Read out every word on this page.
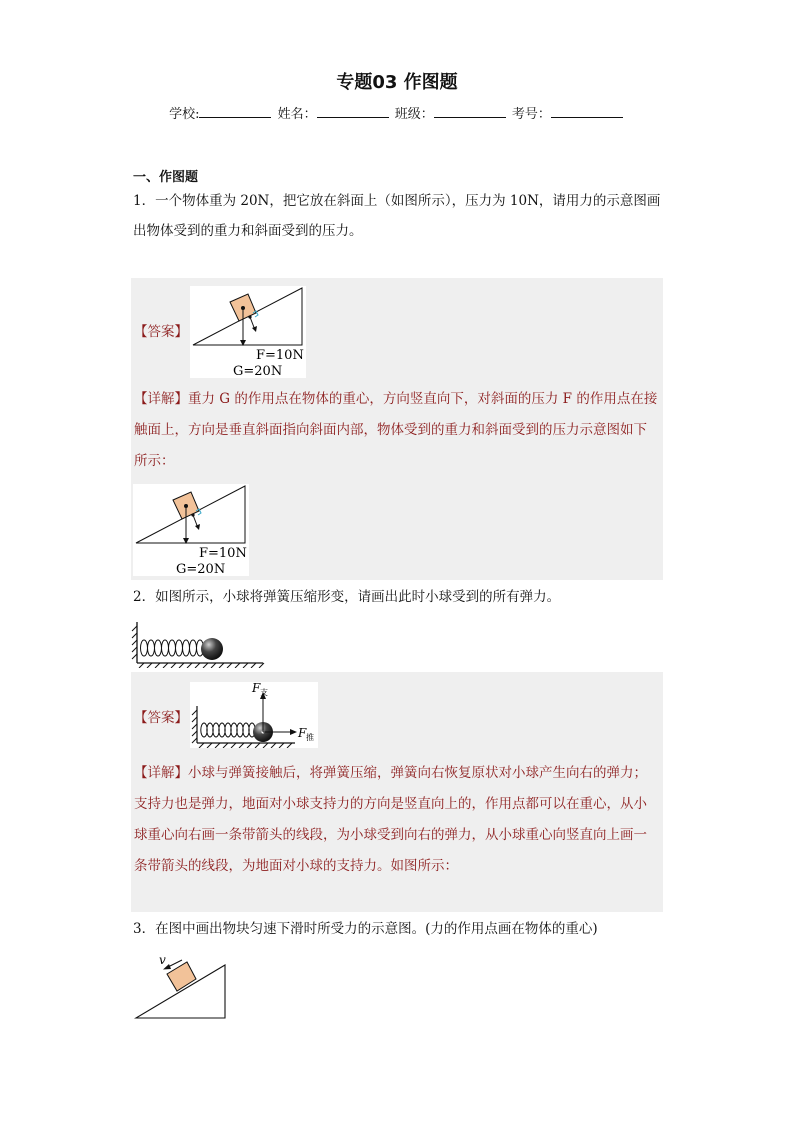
专题03 作图题
学校:	姓名：	班级：	考号：
一、作图题
1．一个物体重为 20N，把它放在斜面上（如图所示），压力为 10N，请用力的示意图画出物体受到的重力和斜面受到的压力。
【答案】
F=10N
G=20N
【详解】重力 G 的作用点在物体的重心，方向竖直向下，对斜面的压力 F 的作用点在接触面上，方向是垂直斜面指向斜面内部，物体受到的重力和斜面受到的压力示意图如下所示：
F=10N
G=20N
2．如图所示，小球将弹簧压缩形变，请画出此时小球受到的所有弹力。
【答案】
F 支
F 推
【详解】小球与弹簧接触后，将弹簧压缩，弹簧向右恢复原状对小球产生向右的弹力；支持力也是弹力，地面对小球支持力的方向是竖直向上的，作用点都可以在重心，从小球重心向右画一条带箭头的线段，为小球受到向右的弹力，从小球重心向竖直向上画一条带箭头的线段，为地面对小球的支持力。如图所示：
3．在图中画出物块匀速下滑时所受力的示意图。(力的作用点画在物体的重心)
v
